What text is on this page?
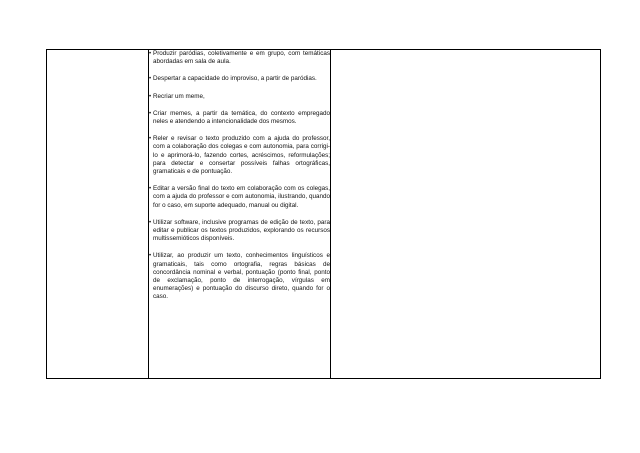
• Produzir paródias, coletivamente e em grupo, com temáticas abordadas em sala de aula.
• Despertar a capacidade do improviso, a partir de paródias.
• Recriar um meme,
• Criar memes, a partir da temática, do contexto empregado neles e atendendo a intencionalidade dos mesmos.
• Reler e revisar o texto produzido com a ajuda do professor, com a colaboração dos colegas e com autonomia, para corrigi-lo e aprimorá-lo, fazendo cortes, acréscimos, reformulações; para detectar e consertar possíveis falhas ortográficas, gramaticais e de pontuação.
• Editar a versão final do texto em colaboração com os colegas, com a ajuda do professor e com autonomia, ilustrando, quando for o caso, em suporte adequado, manual ou digital.
• Utilizar software, inclusive programas de edição de texto, para editar e publicar os textos produzidos, explorando os recursos multissemióticos disponíveis.
• Utilizar, ao produzir um texto, conhecimentos linguísticos e gramaticais, tais como ortografia, regras básicas de concordância nominal e verbal, pontuação (ponto final, ponto de exclamação, ponto de interrogação, vírgulas em enumerações) e pontuação do discurso direto, quando for o caso.
